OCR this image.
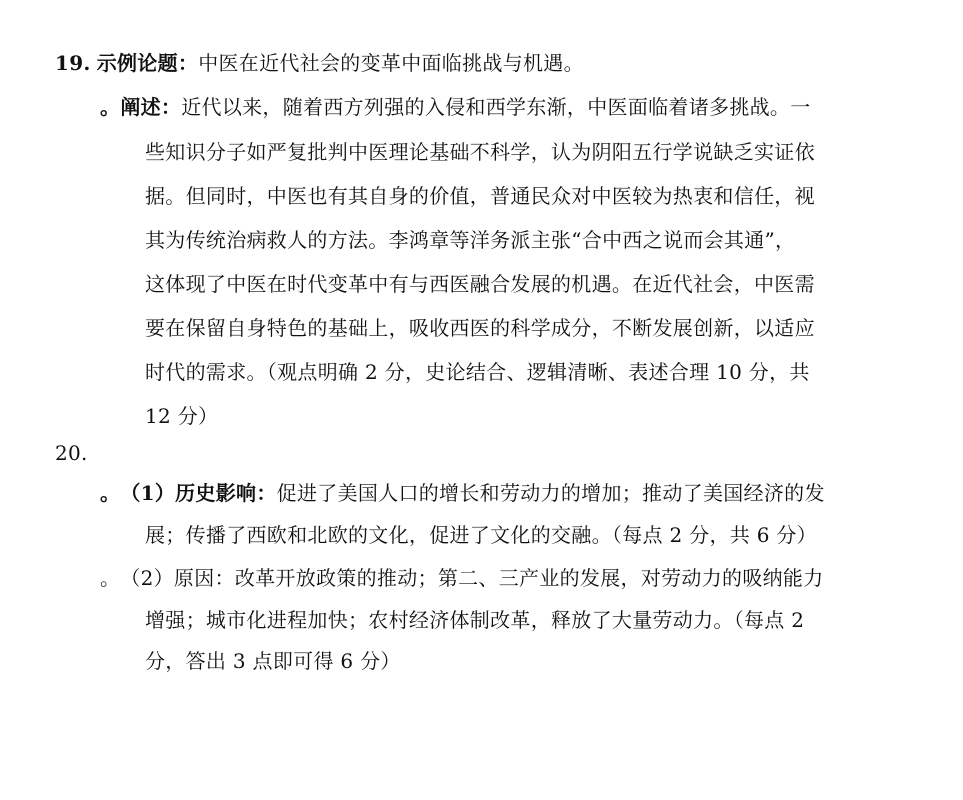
19. 示例论题：中医在近代社会的变革中面临挑战与机遇。
。阐述：近代以来，随着西方列强的入侵和西学东渐，中医面临着诸多挑战。一
些知识分子如严复批判中医理论基础不科学，认为阴阳五行学说缺乏实证依
据。但同时，中医也有其自身的价值，普通民众对中医较为热衷和信任，视
其为传统治病救人的方法。李鸿章等洋务派主张“合中西之说而会其通”，
这体现了中医在时代变革中有与西医融合发展的机遇。在近代社会，中医需
要在保留自身特色的基础上，吸收西医的科学成分，不断发展创新，以适应
时代的需求。（观点明确 2 分，史论结合、逻辑清晰、表述合理 10 分，共
12 分）
20.
。（1）历史影响：促进了美国人口的增长和劳动力的增加；推动了美国经济的发
展；传播了西欧和北欧的文化，促进了文化的交融。（每点 2 分，共 6 分）
。（2）原因：改革开放政策的推动；第二、三产业的发展，对劳动力的吸纳能力
增强；城市化进程加快；农村经济体制改革，释放了大量劳动力。（每点 2
分，答出 3 点即可得 6 分）
